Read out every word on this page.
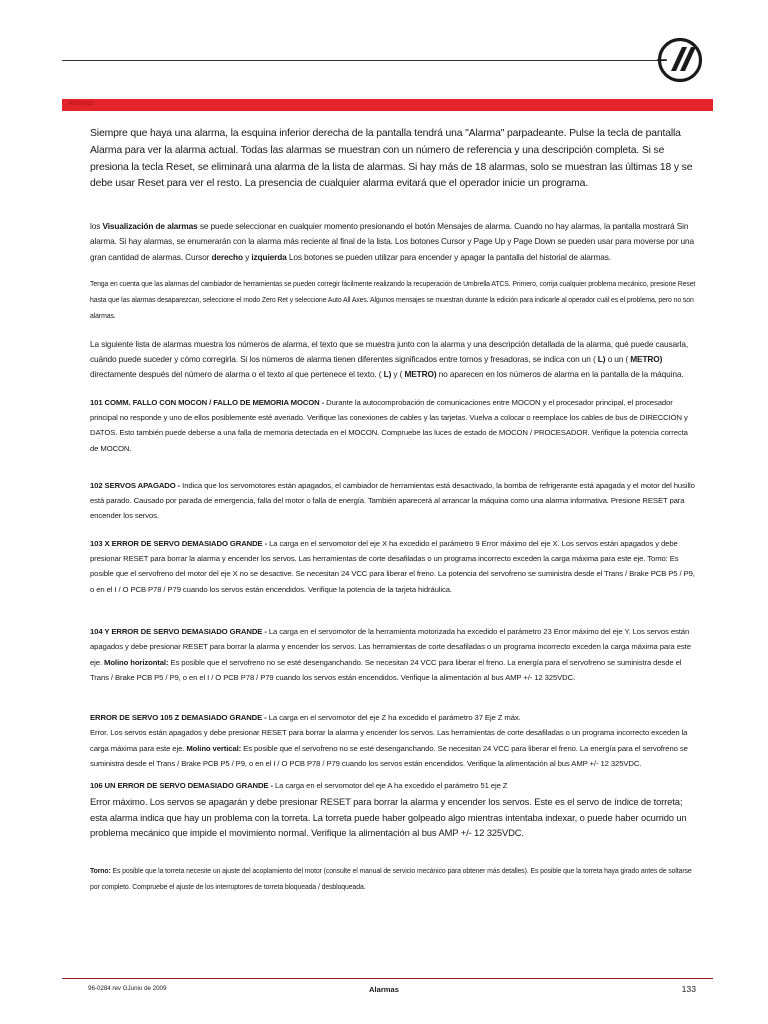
Alarmas

Siempre que haya una alarma, la esquina inferior derecha de la pantalla tendrá una "Alarma" parpadeante. Pulse la tecla de pantalla Alarma para ver la alarma actual. Todas las alarmas se muestran con un número de referencia y una descripción completa. Si se presiona la tecla Reset, se eliminará una alarma de la lista de alarmas. Si hay más de 18 alarmas, solo se muestran las últimas 18 y se debe usar Reset para ver el resto. La presencia de cualquier alarma evitará que el operador inicie un programa.

los Visualización de alarmas se puede seleccionar en cualquier momento presionando el botón Mensajes de alarma. Cuando no hay alarmas, la pantalla mostrará Sin alarma. Si hay alarmas, se enumerarán con la alarma más reciente al final de la lista. Los botones Cursor y Page Up y Page Down se pueden usar para moverse por una gran cantidad de alarmas. Cursor derecho y izquierda Los botones se pueden utilizar para encender y apagar la pantalla del historial de alarmas.

Tenga en cuenta que las alarmas del cambiador de herramientas se pueden corregir fácilmente realizando la recuperación de Umbrella ATCS. Primero, corrija cualquier problema mecánico, presione Reset hasta que las alarmas desaparezcan, seleccione el modo Zero Ret y seleccione Auto All Axes. Algunos mensajes se muestran durante la edición para indicarle al operador cuál es el problema, pero no son alarmas.

La siguiente lista de alarmas muestra los números de alarma, el texto que se muestra junto con la alarma y una descripción detallada de la alarma, qué puede causarla, cuándo puede suceder y cómo corregirla. Si los números de alarma tienen diferentes significados entre tornos y fresadoras, se indica con un ( L) o un ( METRO) directamente después del número de alarma o el texto al que pertenece el texto. ( L) y ( METRO) no aparecen en los números de alarma en la pantalla de la máquina.

101 COMM. FALLO CON MOCON / FALLO DE MEMORIA MOCON - Durante la autocomprobación de comunicaciones entre MOCON y el procesador principal, el procesador principal no responde y uno de ellos posiblemente esté averiado. Verifique las conexiones de cables y las tarjetas. Vuelva a colocar o reemplace los cables de bus de DIRECCIÓN y DATOS. Esto también puede deberse a una falla de memoria detectada en el MOCON. Compruebe las luces de estado de MOCON / PROCESADOR. Verifique la potencia correcta de MOCON.

102 SERVOS APAGADO - Indica que los servomotores están apagados, el cambiador de herramientas está desactivado, la bomba de refrigerante está apagada y el motor del husillo está parado. Causado por parada de emergencia, falla del motor o falla de energía. También aparecerá al arrancar la máquina como una alarma informativa. Presione RESET para encender los servos.

103 X ERROR DE SERVO DEMASIADO GRANDE - La carga en el servomotor del eje X ha excedido el parámetro 9 Error máximo del eje X. Los servos están apagados y debe presionar RESET para borrar la alarma y encender los servos. Las herramientas de corte desafiladas o un programa incorrecto exceden la carga máxima para este eje. Tomo: Es posible que el servofreno del motor del eje X no se desactive. Se necesitan 24 VCC para liberar el freno. La potencia del servofreno se suministra desde el Trans / Brake PCB P5 / P9, o en el I / O PCB P78 / P79 cuando los servos están encendidos. Verifique la potencia de la tarjeta hidráulica.

104 Y ERROR DE SERVO DEMASIADO GRANDE - La carga en el servomotor de la herramienta motorizada ha excedido el parámetro 23 Error máximo del eje Y. Los servos están apagados y debe presionar RESET para borrar la alarma y encender los servos. Las herramientas de corte desafiladas o un programa incorrecto exceden la carga máxima para este eje. Molino horizontal: Es posible que el servofreno no se esté desenganchando. Se necesitan 24 VCC para liberar el freno. La energía para el servofreno se suministra desde el Trans / Brake PCB P5 / P9, o en el I / O PCB P78 / P79 cuando los servos están encendidos. Verifique la alimentación al bus AMP +/- 12 325VDC.

ERROR DE SERVO 105 Z DEMASIADO GRANDE - La carga en el servomotor del eje Z ha excedido el parámetro 37 Eje Z máx.

Error. Los servos están apagados y debe presionar RESET para borrar la alarma y encender los servos. Las herramientas de corte desafiladas o un programa incorrecto exceden la carga máxima para este eje. Molino vertical: Es posible que el servofreno no se esté desenganchando. Se necesitan 24 VCC para liberar el freno. La energía para el servofreno se suministra desde el Trans / Brake PCB P5 / P9, o en el I / O PCB P78 / P79 cuando los servos están encendidos. Verifique la alimentación al bus AMP +/- 12 325VDC.

106 UN ERROR DE SERVO DEMASIADO GRANDE - La carga en el servomotor del eje A ha excedido el parámetro 51 eje Z

Error máximo. Los servos se apagarán y debe presionar RESET para borrar la alarma y encender los servos. Este es el servo de índice de torreta; esta alarma indica que hay un problema con la torreta. La torreta puede haber golpeado algo mientras intentaba indexar, o puede haber ocurrido un problema mecánico que impide el movimiento normal. Verifique la alimentación al bus AMP +/- 12 325VDC.

Torno: Es posible que la torreta necesite un ajuste del acoplamiento del motor (consulte el manual de servicio mecánico para obtener más detalles). Es posible que la torreta haya girado antes de soltarse por completo. Compruebe el ajuste de los interruptores de torreta bloqueada / desbloqueada.

96-0284 rev GJunio de 2009	Alarmas	133
